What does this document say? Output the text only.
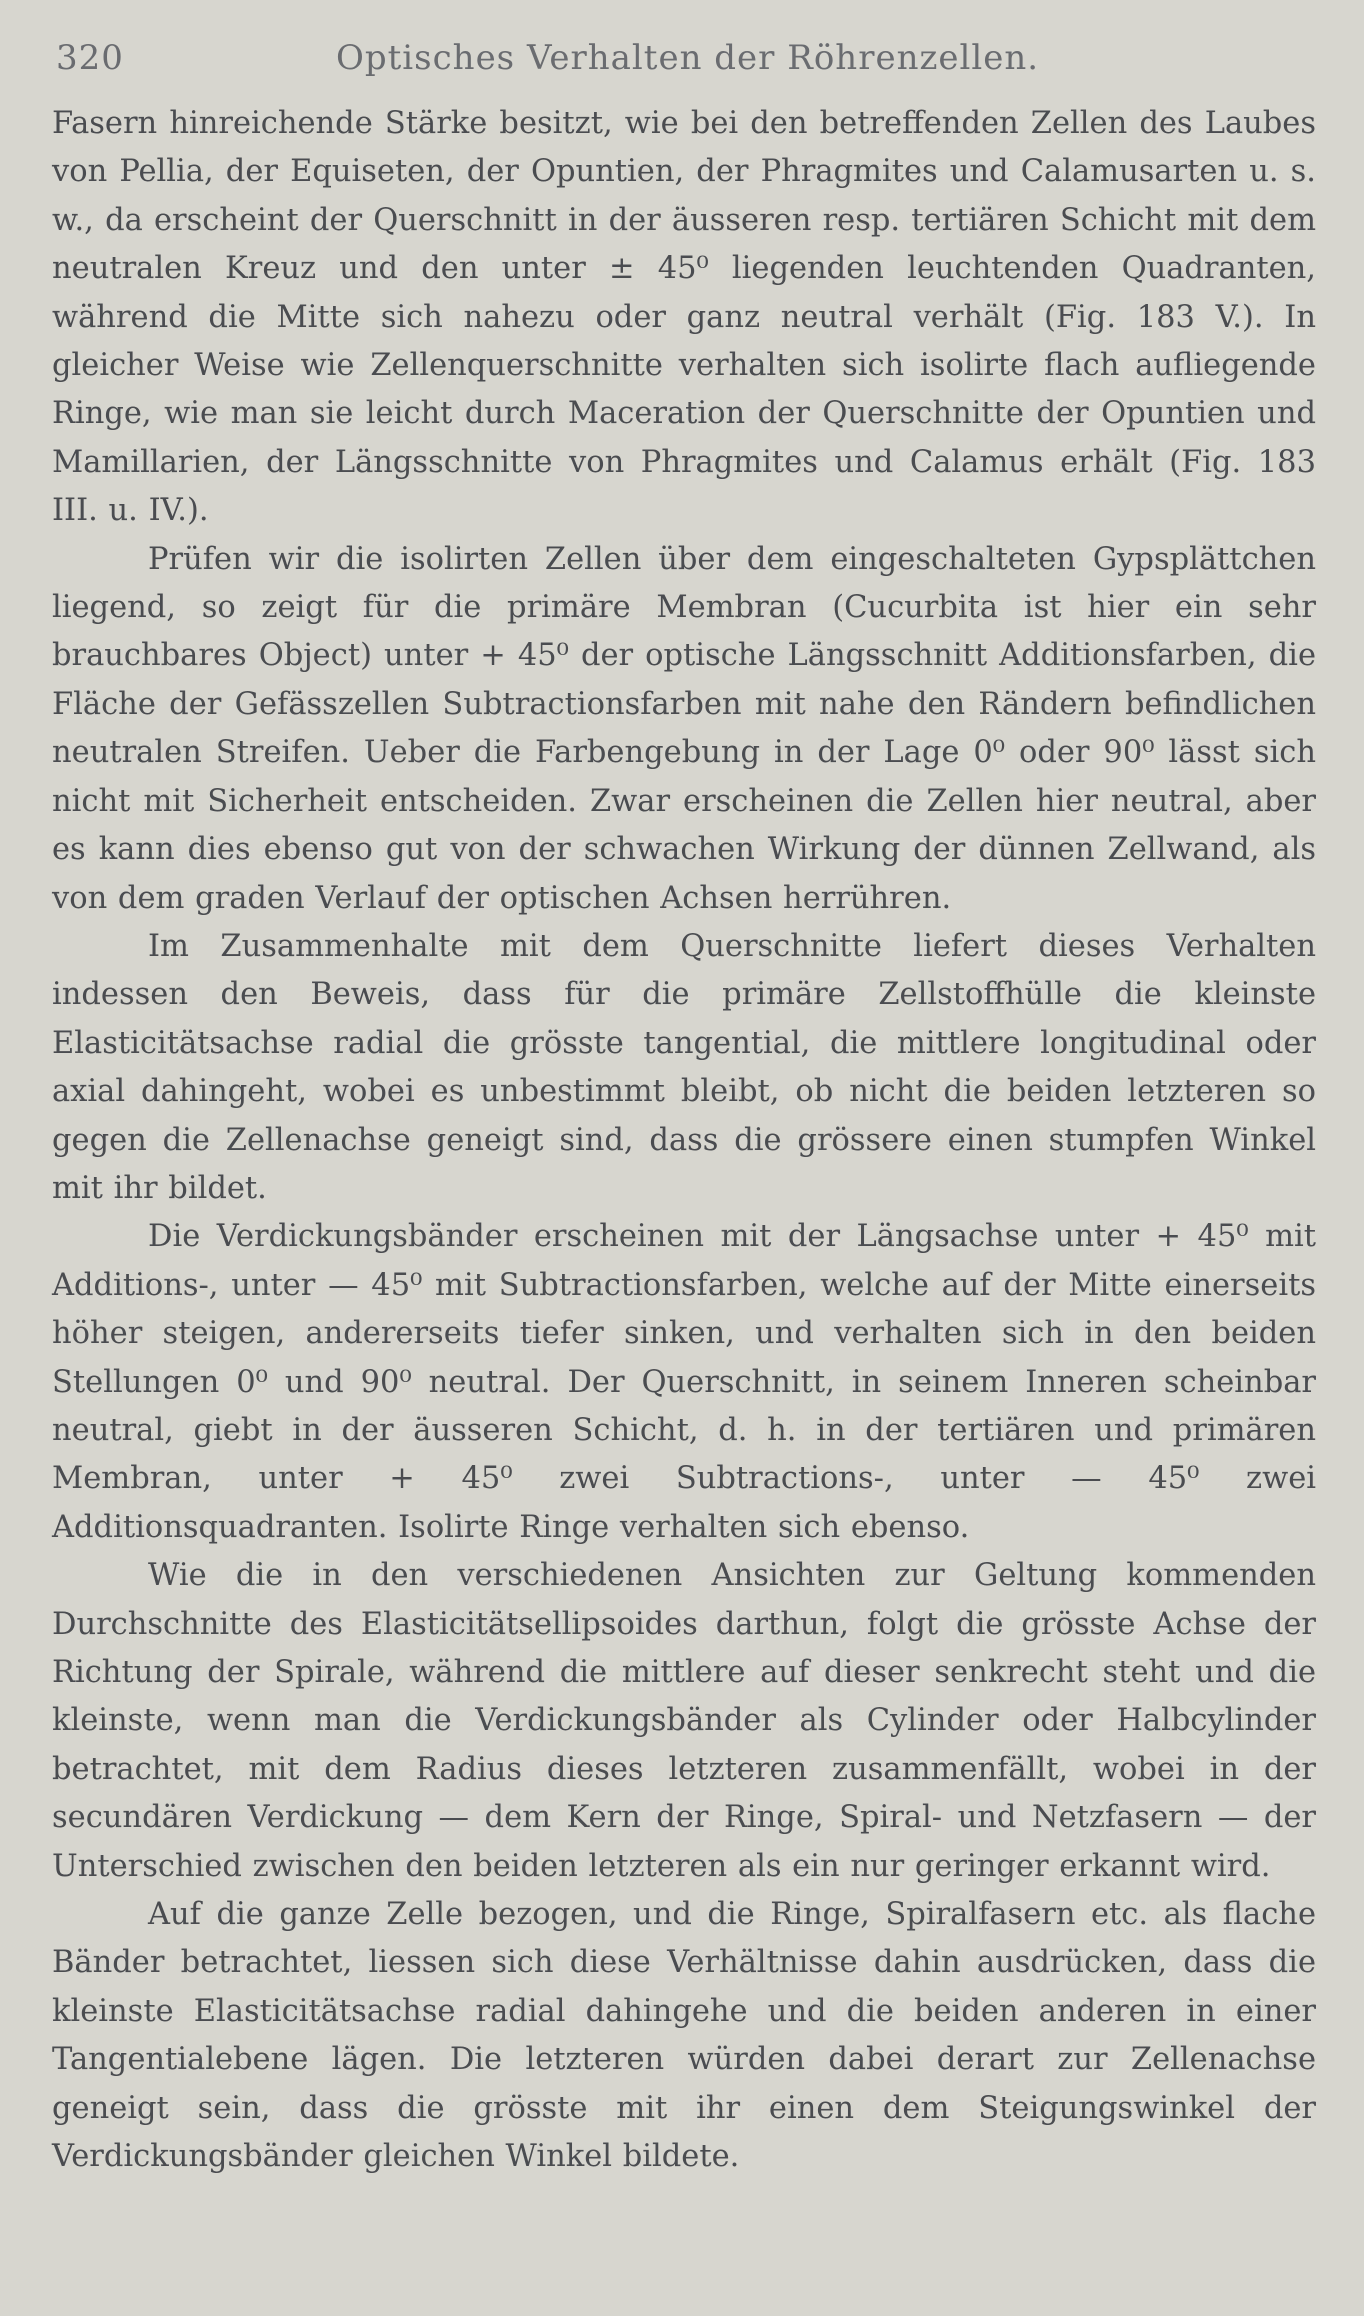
320	Optisches Verhalten der Röhrenzellen.

Fasern hinreichende Stärke besitzt, wie bei den betreffenden Zellen des Laubes von Pellia, der Equiseten, der Opuntien, der Phragmites und Calamusarten u. s. w., da erscheint der Querschnitt in der äusseren resp. tertiären Schicht mit dem neutralen Kreuz und den unter ± 45⁰ liegenden leuchtenden Quadranten, während die Mitte sich nahezu oder ganz neutral verhält (Fig. 183 V.). In gleicher Weise wie Zellenquerschnitte verhalten sich isolirte flach aufliegende Ringe, wie man sie leicht durch Maceration der Querschnitte der Opuntien und Mamillarien, der Längsschnitte von Phragmites und Calamus erhält (Fig. 183 III. u. IV.).

Prüfen wir die isolirten Zellen über dem eingeschalteten Gypsplättchen liegend, so zeigt für die primäre Membran (Cucurbita ist hier ein sehr brauchbares Object) unter + 45⁰ der optische Längsschnitt Additionsfarben, die Fläche der Gefässzellen Subtractionsfarben mit nahe den Rändern befindlichen neutralen Streifen. Ueber die Farbengebung in der Lage 0⁰ oder 90⁰ lässt sich nicht mit Sicherheit entscheiden. Zwar erscheinen die Zellen hier neutral, aber es kann dies ebenso gut von der schwachen Wirkung der dünnen Zellwand, als von dem graden Verlauf der optischen Achsen herrühren.

Im Zusammenhalte mit dem Querschnitte liefert dieses Verhalten indessen den Beweis, dass für die primäre Zellstoffhülle die kleinste Elasticitätsachse radial die grösste tangential, die mittlere longitudinal oder axial dahingeht, wobei es unbestimmt bleibt, ob nicht die beiden letzteren so gegen die Zellenachse geneigt sind, dass die grössere einen stumpfen Winkel mit ihr bildet.

Die Verdickungsbänder erscheinen mit der Längsachse unter + 45⁰ mit Additions-, unter — 45⁰ mit Subtractionsfarben, welche auf der Mitte einerseits höher steigen, andererseits tiefer sinken, und verhalten sich in den beiden Stellungen 0⁰ und 90⁰ neutral. Der Querschnitt, in seinem Inneren scheinbar neutral, giebt in der äusseren Schicht, d. h. in der tertiären und primären Membran, unter + 45⁰ zwei Subtractions-, unter — 45⁰ zwei Additionsquadranten. Isolirte Ringe verhalten sich ebenso.

Wie die in den verschiedenen Ansichten zur Geltung kommenden Durchschnitte des Elasticitätsellipsoides darthun, folgt die grösste Achse der Richtung der Spirale, während die mittlere auf dieser senkrecht steht und die kleinste, wenn man die Verdickungsbänder als Cylinder oder Halbcylinder betrachtet, mit dem Radius dieses letzteren zusammenfällt, wobei in der secundären Verdickung — dem Kern der Ringe, Spiral- und Netzfasern — der Unterschied zwischen den beiden letzteren als ein nur geringer erkannt wird.

Auf die ganze Zelle bezogen, und die Ringe, Spiralfasern etc. als flache Bänder betrachtet, liessen sich diese Verhältnisse dahin ausdrücken, dass die kleinste Elasticitätsachse radial dahingehe und die beiden anderen in einer Tangentialebene lägen. Die letzteren würden dabei derart zur Zellenachse geneigt sein, dass die grösste mit ihr einen dem Steigungswinkel der Verdickungsbänder gleichen Winkel bildete.
